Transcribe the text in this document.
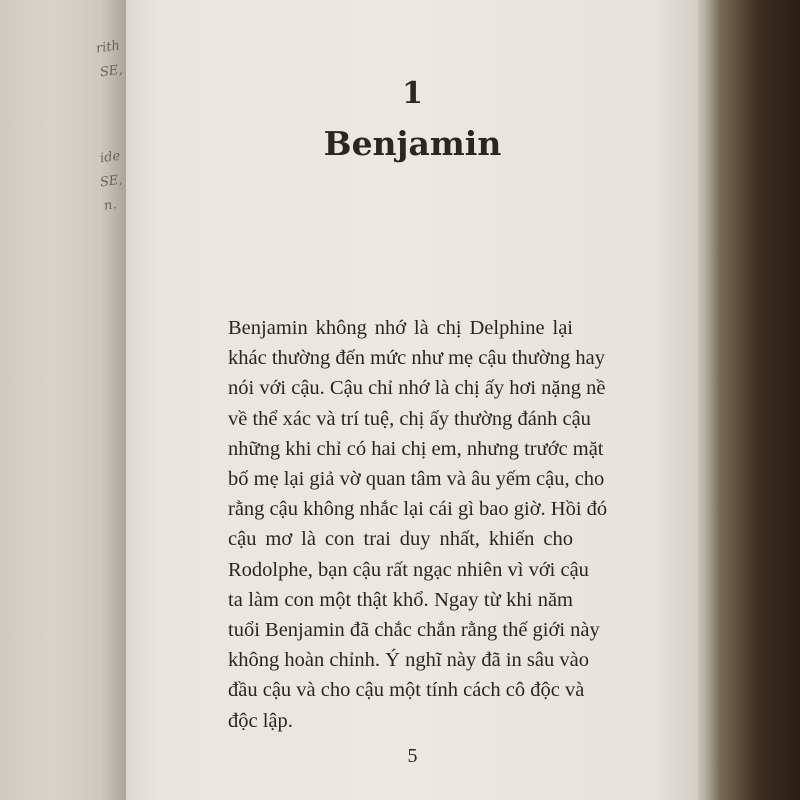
rith
SE,
ide
SE,
n.
1
Benjamin
Benjamin không nhớ là chị Delphine lại
khác thường đến mức như mẹ cậu thường hay
nói với cậu. Cậu chỉ nhớ là chị ấy hơi nặng nề
về thể xác và trí tuệ, chị ấy thường đánh cậu
những khi chỉ có hai chị em, nhưng trước mặt
bố mẹ lại giả vờ quan tâm và âu yếm cậu, cho
rằng cậu không nhắc lại cái gì bao giờ. Hồi đó
cậu mơ là con trai duy nhất, khiến cho
Rodolphe, bạn cậu rất ngạc nhiên vì với cậu
ta làm con một thật khổ. Ngay từ khi năm
tuổi Benjamin đã chắc chắn rằng thế giới này
không hoàn chỉnh. Ý nghĩ này đã in sâu vào
đầu cậu và cho cậu một tính cách cô độc và
độc lập.
5
